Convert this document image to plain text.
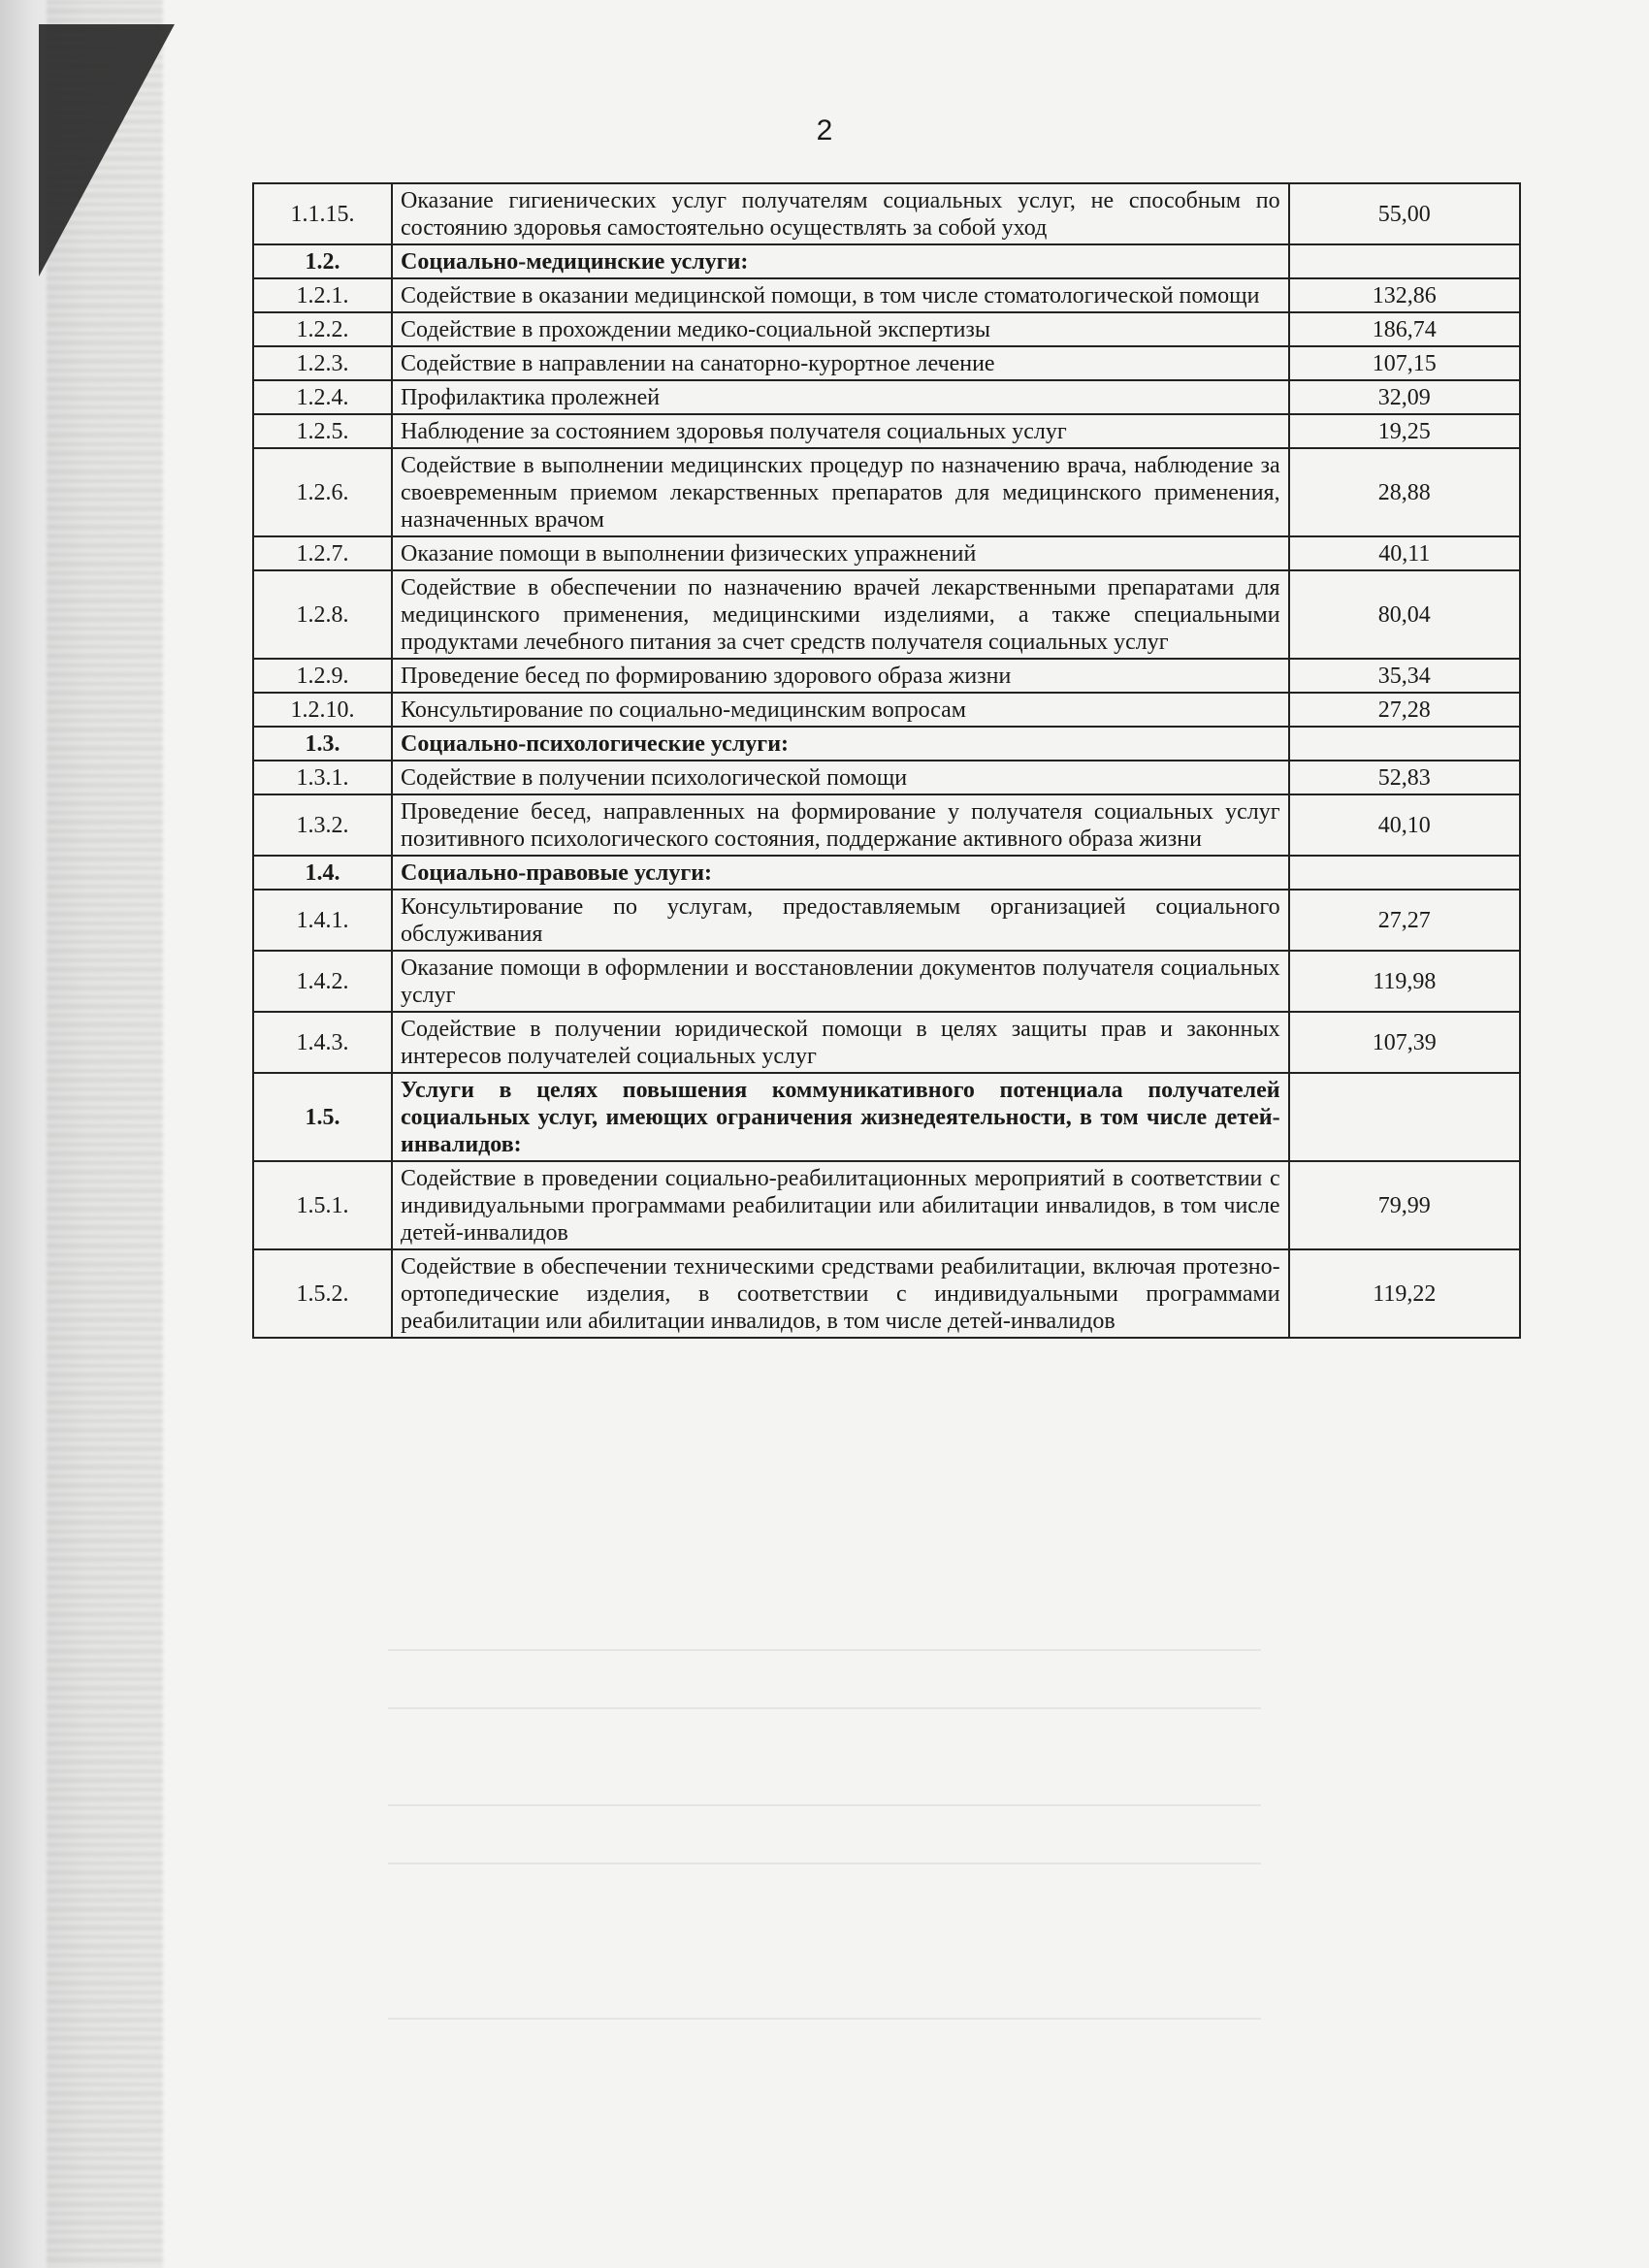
2
1.1.15.	Оказание гигиенических услуг получателям социальных услуг, не способным по состоянию здоровья самостоятельно осуществлять за собой уход	55,00
1.2.	Социально-медицинские услуги:	
1.2.1.	Содействие в оказании медицинской помощи, в том числе стоматологической помощи	132,86
1.2.2.	Содействие в прохождении медико-социальной экспертизы	186,74
1.2.3.	Содействие в направлении на санаторно-курортное лечение	107,15
1.2.4.	Профилактика пролежней	32,09
1.2.5.	Наблюдение за состоянием здоровья получателя социальных услуг	19,25
1.2.6.	Содействие в выполнении медицинских процедур по назначению врача, наблюдение за своевременным приемом лекарственных препаратов для медицинского применения, назначенных врачом	28,88
1.2.7.	Оказание помощи в выполнении физических упражнений	40,11
1.2.8.	Содействие в обеспечении по назначению врачей лекарственными препаратами для медицинского применения, медицинскими изделиями, а также специальными продуктами лечебного питания за счет средств получателя социальных услуг	80,04
1.2.9.	Проведение бесед по формированию здорового образа жизни	35,34
1.2.10.	Консультирование по социально-медицинским вопросам	27,28
1.3.	Социально-психологические услуги:	
1.3.1.	Содействие в получении психологической помощи	52,83
1.3.2.	Проведение бесед, направленных на формирование у получателя социальных услуг позитивного психологического состояния, поддержание активного образа жизни	40,10
1.4.	Социально-правовые услуги:	
1.4.1.	Консультирование по услугам, предоставляемым организацией социального обслуживания	27,27
1.4.2.	Оказание помощи в оформлении и восстановлении документов получателя социальных услуг	119,98
1.4.3.	Содействие в получении юридической помощи в целях защиты прав и законных интересов получателей социальных услуг	107,39
1.5.	Услуги в целях повышения коммуникативного потенциала получателей социальных услуг, имеющих ограничения жизнедеятельности, в том числе детей-инвалидов:	
1.5.1.	Содействие в проведении социально-реабилитационных мероприятий в соответствии с индивидуальными программами реабилитации или абилитации инвалидов, в том числе детей-инвалидов	79,99
1.5.2.	Содействие в обеспечении техническими средствами реабилитации, включая протезно-ортопедические изделия, в соответствии с индивидуальными программами реабилитации или абилитации инвалидов, в том числе детей-инвалидов	119,22
